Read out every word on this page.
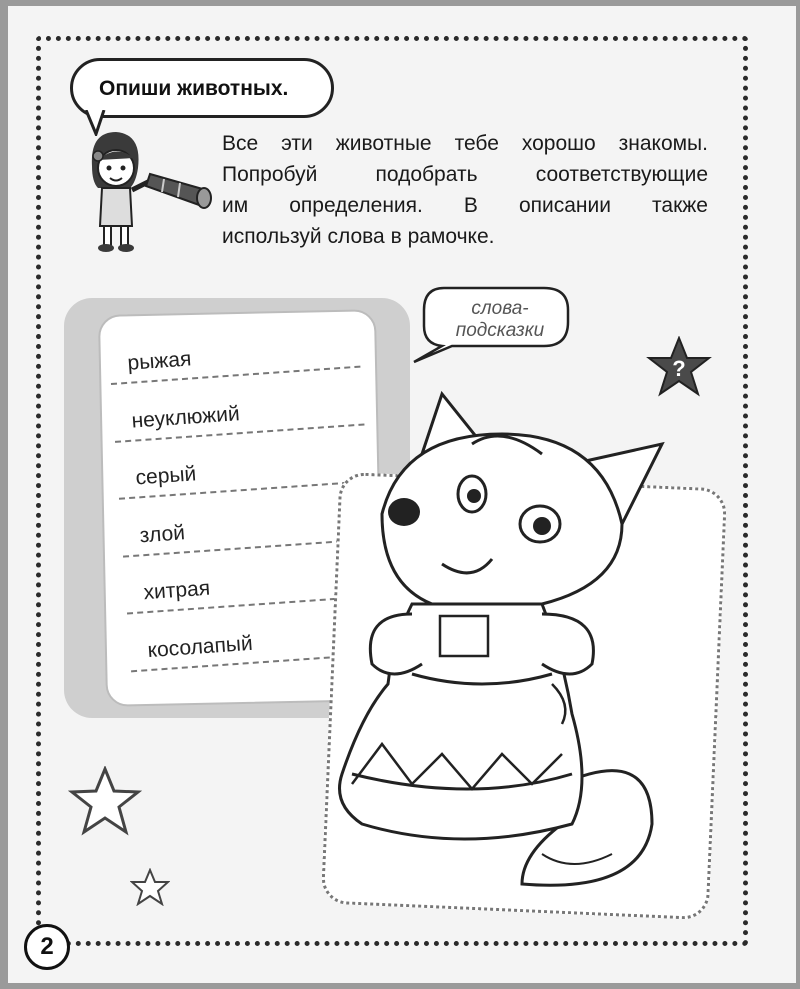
Опиши животных.

Все эти животные тебе хорошо знакомы.

Попробуй подобрать соответствующие

им определения. В описании также

используй слова в рамочке.

рыжая
неуклюжий
серый
злой
хитрая
косолапый
слова-
подсказки
?
2
